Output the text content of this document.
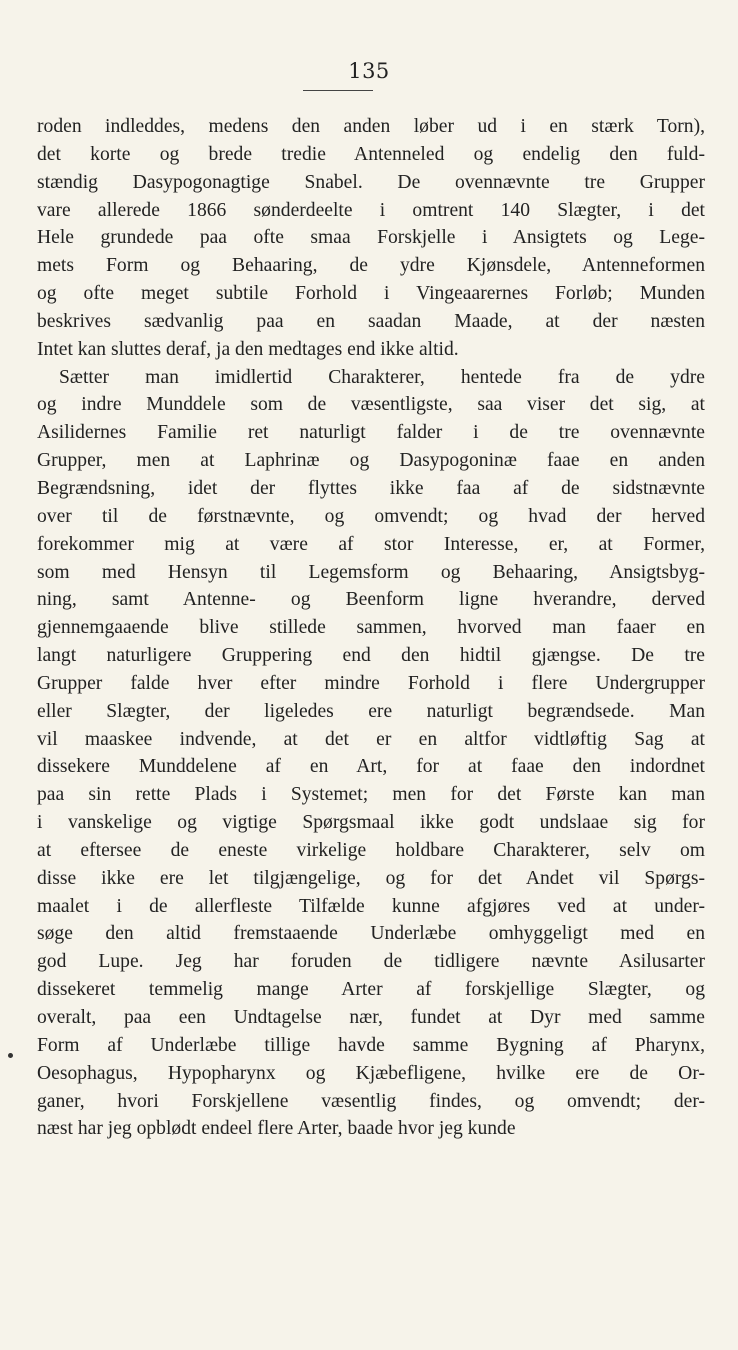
135
roden indleddes, medens den anden løber ud i en stærk Torn),
det korte og brede tredie Antenneled og endelig den fuld-
stændig Dasypogonagtige Snabel. De ovennævnte tre Grupper
vare allerede 1866 sønderdeelte i omtrent 140 Slægter, i det
Hele grundede paa ofte smaa Forskjelle i Ansigtets og Lege-
mets Form og Behaaring, de ydre Kjønsdele, Antenneformen
og ofte meget subtile Forhold i Vingeaarernes Forløb; Munden
beskrives sædvanlig paa en saadan Maade, at der næsten
Intet kan sluttes deraf, ja den medtages end ikke altid.
Sætter man imidlertid Charakterer, hentede fra de ydre
og indre Munddele som de væsentligste, saa viser det sig, at
Asilidernes Familie ret naturligt falder i de tre ovennævnte
Grupper, men at Laphrinæ og Dasypogoninæ faae en anden
Begrændsning, idet der flyttes ikke faa af de sidstnævnte
over til de førstnævnte, og omvendt; og hvad der herved
forekommer mig at være af stor Interesse, er, at Former,
som med Hensyn til Legemsform og Behaaring, Ansigtsbyg-
ning, samt Antenne- og Beenform ligne hverandre, derved
gjennemgaaende blive stillede sammen, hvorved man faaer en
langt naturligere Gruppering end den hidtil gjængse. De tre
Grupper falde hver efter mindre Forhold i flere Undergrupper
eller Slægter, der ligeledes ere naturligt begrændsede. Man
vil maaskee indvende, at det er en altfor vidtløftig Sag at
dissekere Munddelene af en Art, for at faae den indordnet
paa sin rette Plads i Systemet; men for det Første kan man
i vanskelige og vigtige Spørgsmaal ikke godt undslaae sig for
at eftersee de eneste virkelige holdbare Charakterer, selv om
disse ikke ere let tilgjængelige, og for det Andet vil Spørgs-
maalet i de allerfleste Tilfælde kunne afgjøres ved at under-
søge den altid fremstaaende Underlæbe omhyggeligt med en
god Lupe. Jeg har foruden de tidligere nævnte Asilusarter
dissekeret temmelig mange Arter af forskjellige Slægter, og
overalt, paa een Undtagelse nær, fundet at Dyr med samme
Form af Underlæbe tillige havde samme Bygning af Pharynx,
Oesophagus, Hypopharynx og Kjæbefligene, hvilke ere de Or-
ganer, hvori Forskjellene væsentlig findes, og omvendt; der-
næst har jeg opblødt endeel flere Arter, baade hvor jeg kunde
